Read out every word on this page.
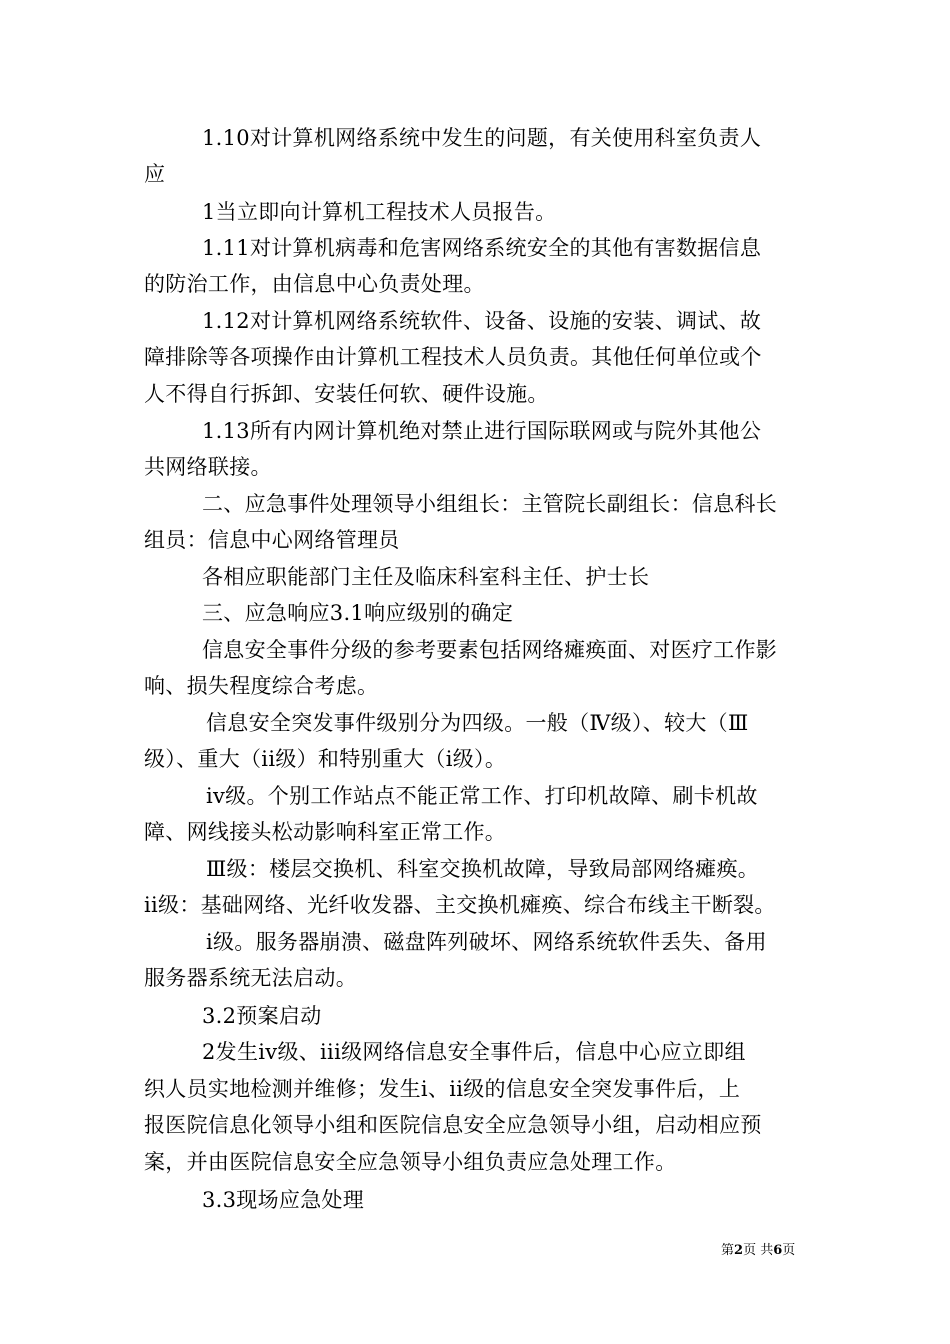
1.10对计算机网络系统中发生的问题，有关使用科室负责人
应
1当立即向计算机工程技术人员报告。
1.11对计算机病毒和危害网络系统安全的其他有害数据信息
的防治工作，由信息中心负责处理。
1.12对计算机网络系统软件、设备、设施的安装、调试、故
障排除等各项操作由计算机工程技术人员负责。其他任何单位或个
人不得自行拆卸、安装任何软、硬件设施。
1.13所有内网计算机绝对禁止进行国际联网或与院外其他公
共网络联接。
二、应急事件处理领导小组组长：主管院长副组长：信息科长
组员：信息中心网络管理员
各相应职能部门主任及临床科室科主任、护士长
三、应急响应3.1响应级别的确定
信息安全事件分级的参考要素包括网络瘫痪面、对医疗工作影
响、损失程度综合考虑。
信息安全突发事件级别分为四级。一般（Ⅳ级）、较大（Ⅲ
级）、重大（ii级）和特别重大（i级）。
iv级。个别工作站点不能正常工作、打印机故障、刷卡机故
障、网线接头松动影响科室正常工作。
Ⅲ级：楼层交换机、科室交换机故障，导致局部网络瘫痪。
ii级：基础网络、光纤收发器、主交换机瘫痪、综合布线主干断裂。
i级。服务器崩溃、磁盘阵列破坏、网络系统软件丢失、备用
服务器系统无法启动。
3.2预案启动
2发生iv级、iii级网络信息安全事件后，信息中心应立即组
织人员实地检测并维修；发生i、ii级的信息安全突发事件后，上
报医院信息化领导小组和医院信息安全应急领导小组，启动相应预
案，并由医院信息安全应急领导小组负责应急处理工作。
3.3现场应急处理
第2页 共6页
